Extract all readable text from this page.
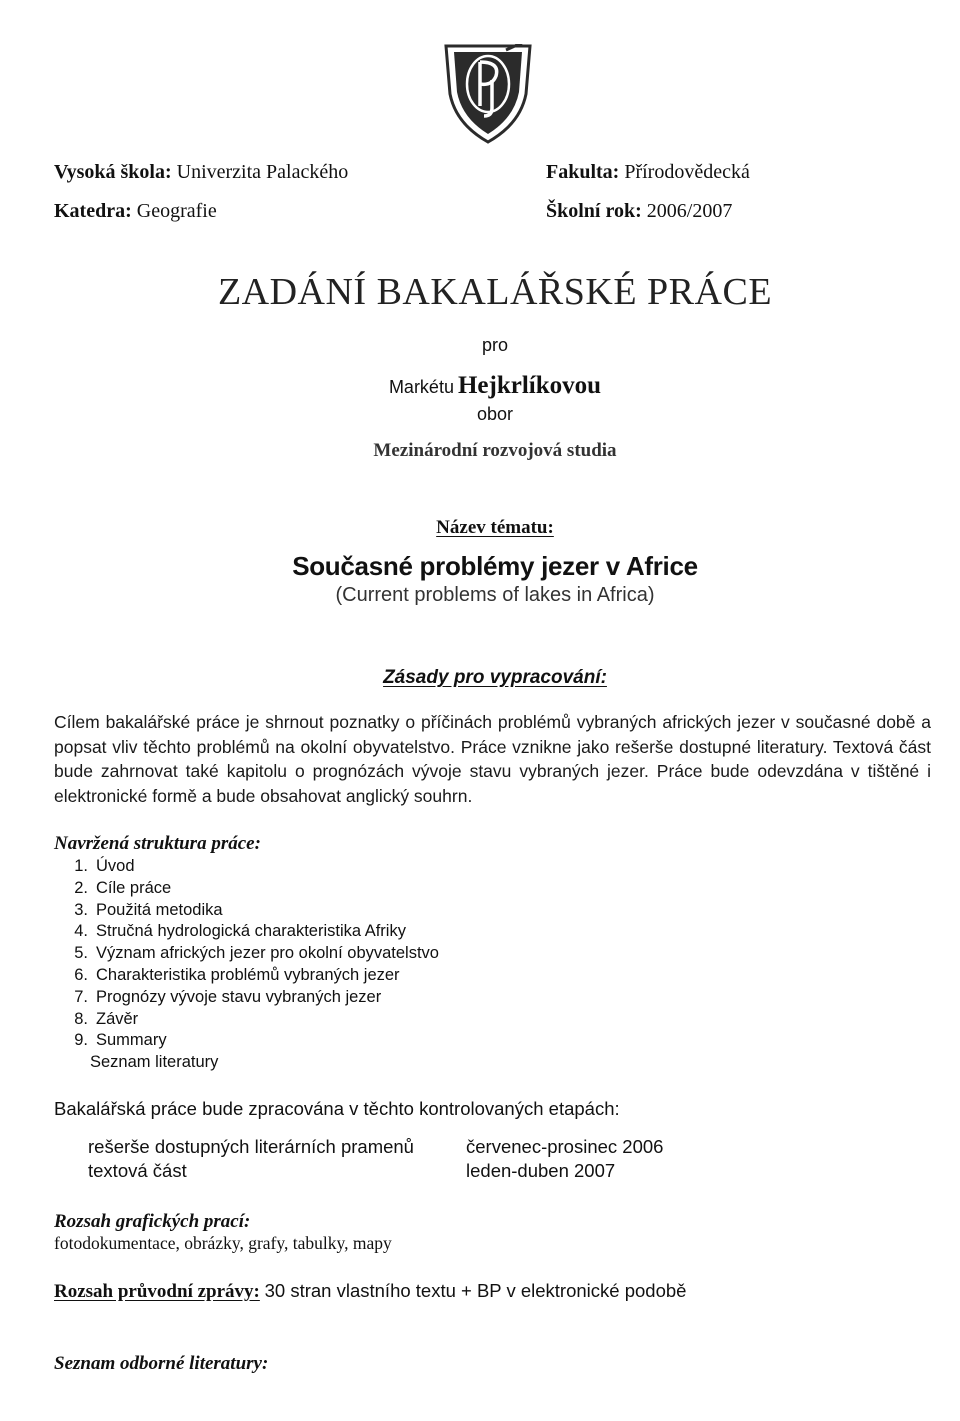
Vysoká škola: Univerzita Palackého	Fakulta: Přírodovědecká
Katedra: Geografie	Školní rok: 2006/2007
ZADÁNÍ BAKALÁŘSKÉ PRÁCE
pro
Markétu Hejkrlíkovou
obor
Mezinárodní rozvojová studia
Název tématu:
Současné problémy jezer v Africe
(Current problems of lakes in Africa)
Zásady pro vypracování:
Cílem bakalářské práce je shrnout poznatky o příčinách problémů vybraných afrických jezer v současné době a popsat vliv těchto problémů na okolní obyvatelstvo. Práce vznikne jako rešerše dostupné literatury. Textová část bude zahrnovat také kapitolu o prognózách vývoje stavu vybraných jezer. Práce bude odevzdána v tištěné i elektronické formě a bude obsahovat anglický souhrn.
Navržená struktura práce:
1. Úvod
2. Cíle práce
3. Použitá metodika
4. Stručná hydrologická charakteristika Afriky
5. Význam afrických jezer pro okolní obyvatelstvo
6. Charakteristika problémů vybraných jezer
7. Prognózy vývoje stavu vybraných jezer
8. Závěr
9. Summary
Seznam literatury
Bakalářská práce bude zpracována v těchto kontrolovaných etapách:
rešerše dostupných literárních pramenů	červenec-prosinec 2006
textová část	leden-duben 2007
Rozsah grafických prací:
fotodokumentace, obrázky, grafy, tabulky, mapy
Rozsah průvodní zprávy: 30 stran vlastního textu + BP v elektronické podobě
Seznam odborné literatury:
